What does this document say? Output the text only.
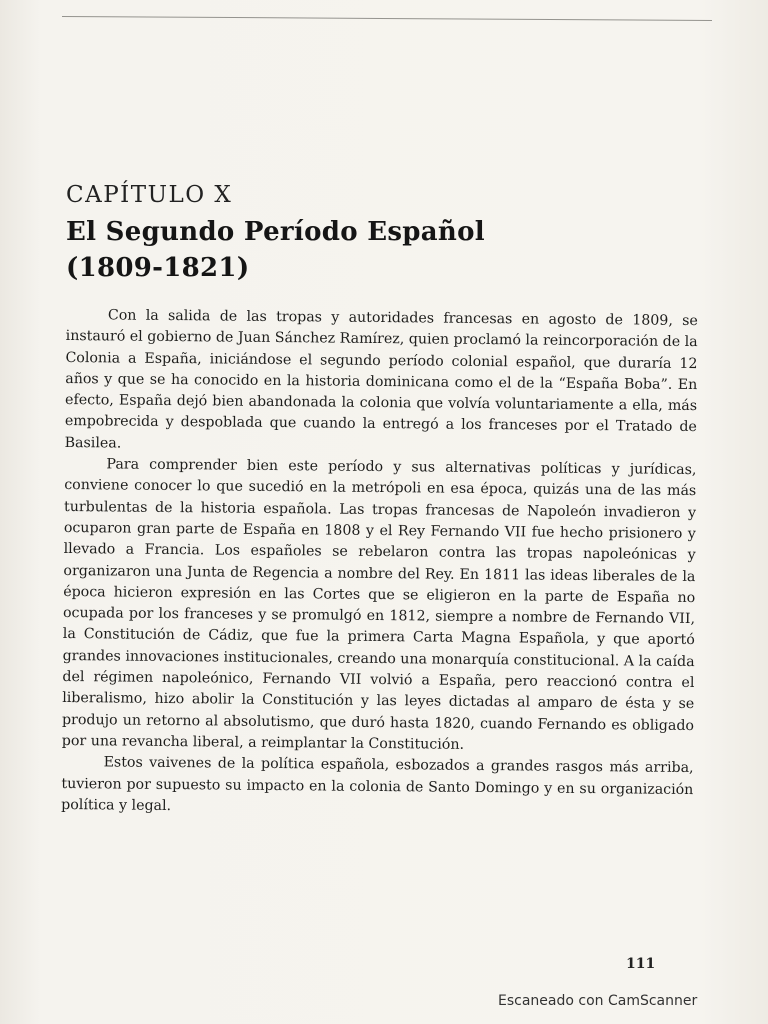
CAPÍTULO X
El Segundo Período Español
(1809-1821)

Con la salida de las tropas y autoridades francesas en agosto de 1809, se instauró el gobierno de Juan Sánchez Ramírez, quien proclamó la reincorporación de la Colonia a España, iniciándose el segundo período colonial español, que duraría 12 años y que se ha conocido en la historia dominicana como el de la “España Boba”. En efecto, España dejó bien abandonada la colonia que volvía voluntariamente a ella, más empobrecida y despoblada que cuando la entregó a los franceses por el Tratado de Basilea.

Para comprender bien este período y sus alternativas políticas y jurídicas, conviene conocer lo que sucedió en la metrópoli en esa época, quizás una de las más turbulentas de la historia española. Las tropas francesas de Napoleón invadieron y ocuparon gran parte de España en 1808 y el Rey Fernando VII fue hecho prisionero y llevado a Francia. Los españoles se rebelaron contra las tropas napoleónicas y organizaron una Junta de Regencia a nombre del Rey. En 1811 las ideas liberales de la época hicieron expresión en las Cortes que se eligieron en la parte de España no ocupada por los franceses y se promulgó en 1812, siempre a nombre de Fernando VII, la Constitución de Cádiz, que fue la primera Carta Magna Española, y que aportó grandes innovaciones institucionales, creando una monarquía constitucional. A la caída del régimen napoleónico, Fernando VII volvió a España, pero reaccionó contra el liberalismo, hizo abolir la Constitución y las leyes dictadas al amparo de ésta y se produjo un retorno al absolutismo, que duró hasta 1820, cuando Fernando es obligado por una revancha liberal, a reimplantar la Constitución.

Estos vaivenes de la política española, esbozados a grandes rasgos más arriba, tuvieron por supuesto su impacto en la colonia de Santo Domingo y en su organización política y legal.

111
Escaneado con CamScanner
